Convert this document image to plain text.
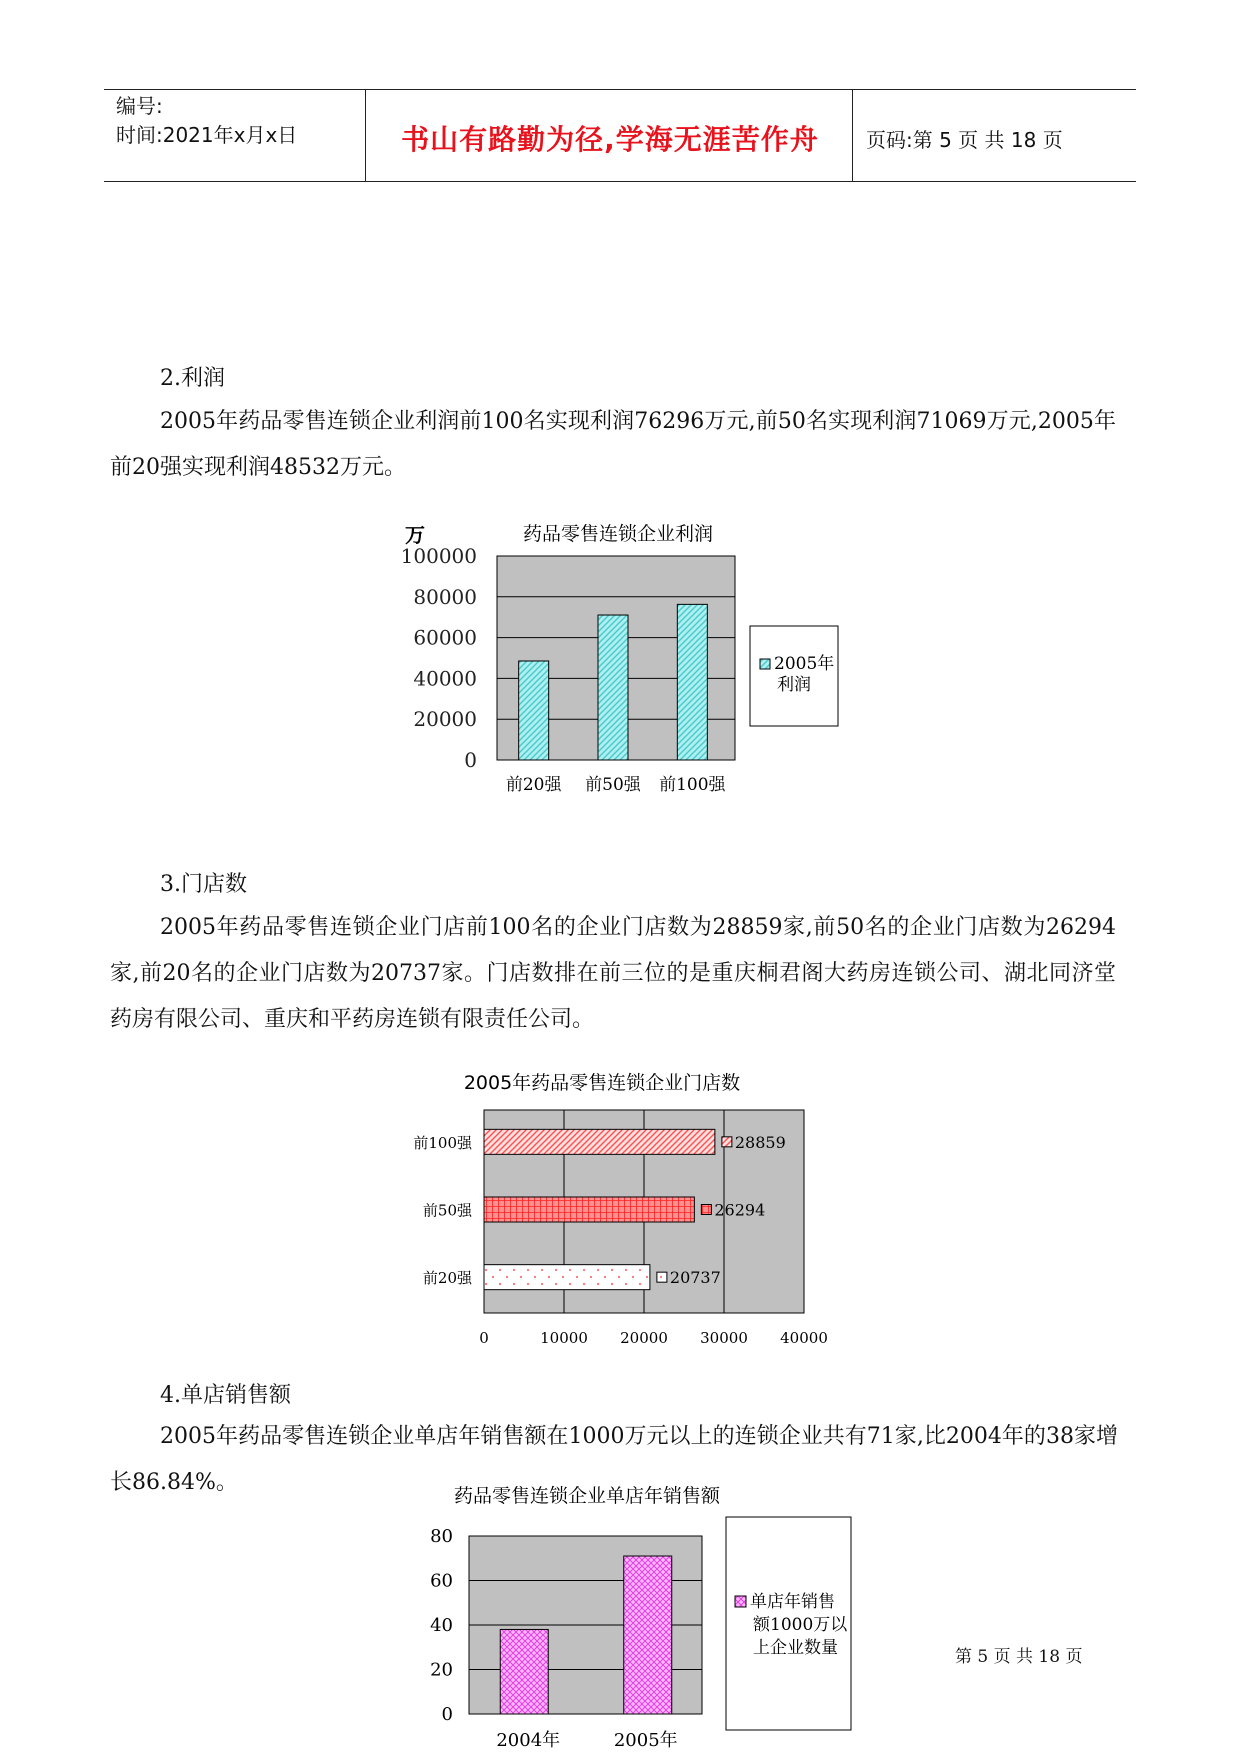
编号:
时间:2021年x月x日	书山有路勤为径,学海无涯苦作舟	页码:第 5 页 共 18 页
2.利润
2005年药品零售连锁企业利润前100名实现利润76296万元,前50名实现利润71069万元,2005年前20强实现利润48532万元。
0
20000
40000
60000
80000
100000
万	药品零售连锁企业利润
前20强 前50强 前100强
2005年
利润
3.门店数
2005年药品零售连锁企业门店前100名的企业门店数为28859家,前50名的企业门店数为26294家,前20名的企业门店数为20737家。门店数排在前三位的是重庆桐君阁大药房连锁公司、湖北同济堂药房有限公司、重庆和平药房连锁有限责任公司。
0	10000 20000 30000 40000
2005年药品零售连锁企业门店数
前100强	28859
前50强	26294
前20强	20737
4.单店销售额
2005年药品零售连锁企业单店年销售额在1000万元以上的连锁企业共有71家,比2004年的38家增长86.84%。
0
20
40
60
80
药品零售连锁企业单店年销售额
2004年	2005年
单店年销售
额1000万以
上企业数量	第 5 页 共 18 页
